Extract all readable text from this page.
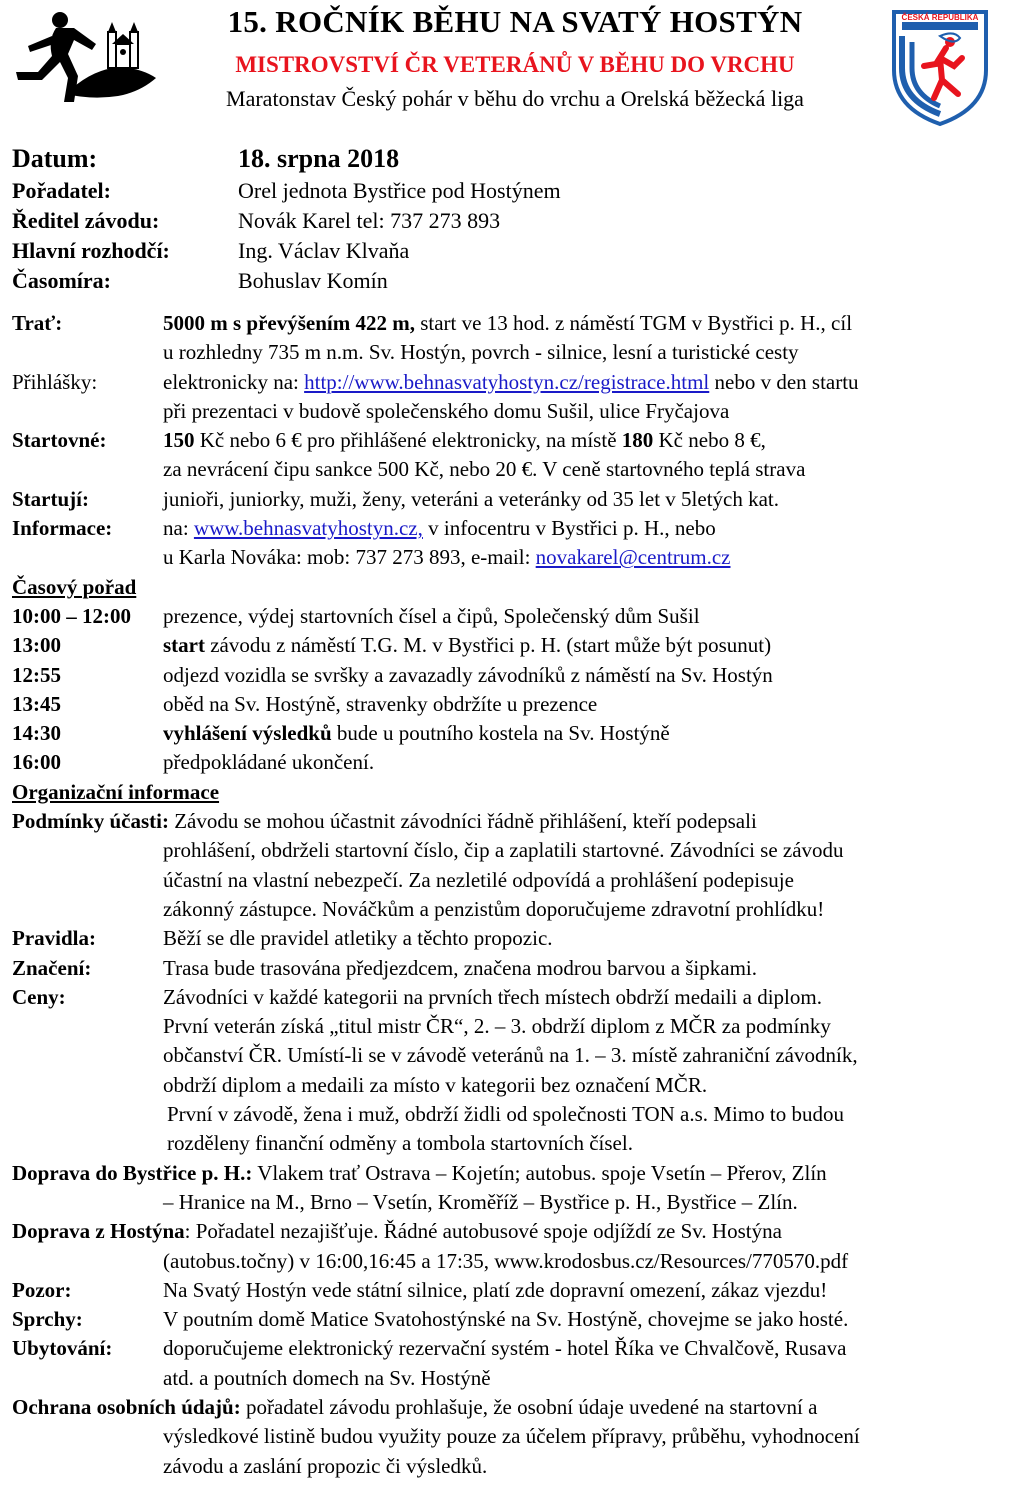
15. ROČNÍK BĚHU NA SVATÝ HOSTÝN
MISTROVSTVÍ ČR VETERÁNŮ V BĚHU DO VRCHU
Maratonstav Český pohár v běhu do vrchu a Orelská běžecká liga
ČESKÁ REPUBLIKA
Datum:	18. srpna 2018
Pořadatel:	Orel jednota Bystřice pod Hostýnem
Ředitel závodu:	Novák Karel tel: 737 273 893
Hlavní rozhodčí:	Ing. Václav Klvaňa
Časomíra:	Bohuslav Komín
Trať:	5000 m s převýšením 422 m, start ve 13 hod. z náměstí TGM v Bystřici p. H., cíl
u rozhledny 735 m n.m. Sv. Hostýn, povrch - silnice, lesní a turistické cesty
Přihlášky:	elektronicky na: http://www.behnasvatyhostyn.cz/registrace.html nebo v den startu
při prezentaci v budově společenského domu Sušil, ulice Fryčajova
Startovné:	150 Kč nebo 6 € pro přihlášené elektronicky, na místě 180 Kč nebo 8 €,
za nevrácení čipu sankce 500 Kč, nebo 20 €. V ceně startovného teplá strava
Startují:	junioři, juniorky, muži, ženy, veteráni a veteránky od 35 let v 5letých kat.
Informace:	na: www.behnasvatyhostyn.cz, v infocentru v Bystřici p. H., nebo
u Karla Nováka: mob: 737 273 893, e-mail: novakarel@centrum.cz
Časový pořad
10:00 – 12:00	prezence, výdej startovních čísel a čipů, Společenský dům Sušil
13:00	start závodu z náměstí T.G. M. v Bystřici p. H. (start může být posunut)
12:55	odjezd vozidla se svršky a zavazadly závodníků z náměstí na Sv. Hostýn
13:45	oběd na Sv. Hostýně, stravenky obdržíte u prezence
14:30	vyhlášení výsledků bude u poutního kostela na Sv. Hostýně
16:00	předpokládané ukončení.
Organizační informace
Podmínky účasti: Závodu se mohou účastnit závodníci řádně přihlášení, kteří podepsali
prohlášení, obdrželi startovní číslo, čip a zaplatili startovné. Závodníci se závodu
účastní na vlastní nebezpečí. Za nezletilé odpovídá a prohlášení podepisuje
zákonný zástupce. Nováčkům a penzistům doporučujeme zdravotní prohlídku!
Pravidla:	Běží se dle pravidel atletiky a těchto propozic.
Značení:	Trasa bude trasována předjezdcem, značena modrou barvou a šipkami.
Ceny:	Závodníci v každé kategorii na prvních třech místech obdrží medaili a diplom.
První veterán získá „titul mistr ČR“, 2. – 3. obdrží diplom z MČR za podmínky
občanství ČR. Umístí-li se v závodě veteránů na 1. – 3. místě zahraniční závodník,
obdrží diplom a medaili za místo v kategorii bez označení MČR.
První v závodě, žena i muž, obdrží židli od společnosti TON a.s. Mimo to budou
rozděleny finanční odměny a tombola startovních čísel.
Doprava do Bystřice p. H.: Vlakem trať Ostrava – Kojetín; autobus. spoje Vsetín – Přerov, Zlín
– Hranice na M., Brno – Vsetín, Kroměříž – Bystřice p. H., Bystřice – Zlín.
Doprava z Hostýna: Pořadatel nezajišťuje. Řádné autobusové spoje odjíždí ze Sv. Hostýna
(autobus.točny) v 16:00,16:45 a 17:35, www.krodosbus.cz/Resources/770570.pdf
Pozor:	Na Svatý Hostýn vede státní silnice, platí zde dopravní omezení, zákaz vjezdu!
Sprchy:	V poutním domě Matice Svatohostýnské na Sv. Hostýně, chovejme se jako hosté.
Ubytování:	doporučujeme elektronický rezervační systém - hotel Říka ve Chvalčově, Rusava
atd. a poutních domech na Sv. Hostýně
Ochrana osobních údajů: pořadatel závodu prohlašuje, že osobní údaje uvedené na startovní a
výsledkové listině budou využity pouze za účelem přípravy, průběhu, vyhodnocení
závodu a zaslání propozic či výsledků.
